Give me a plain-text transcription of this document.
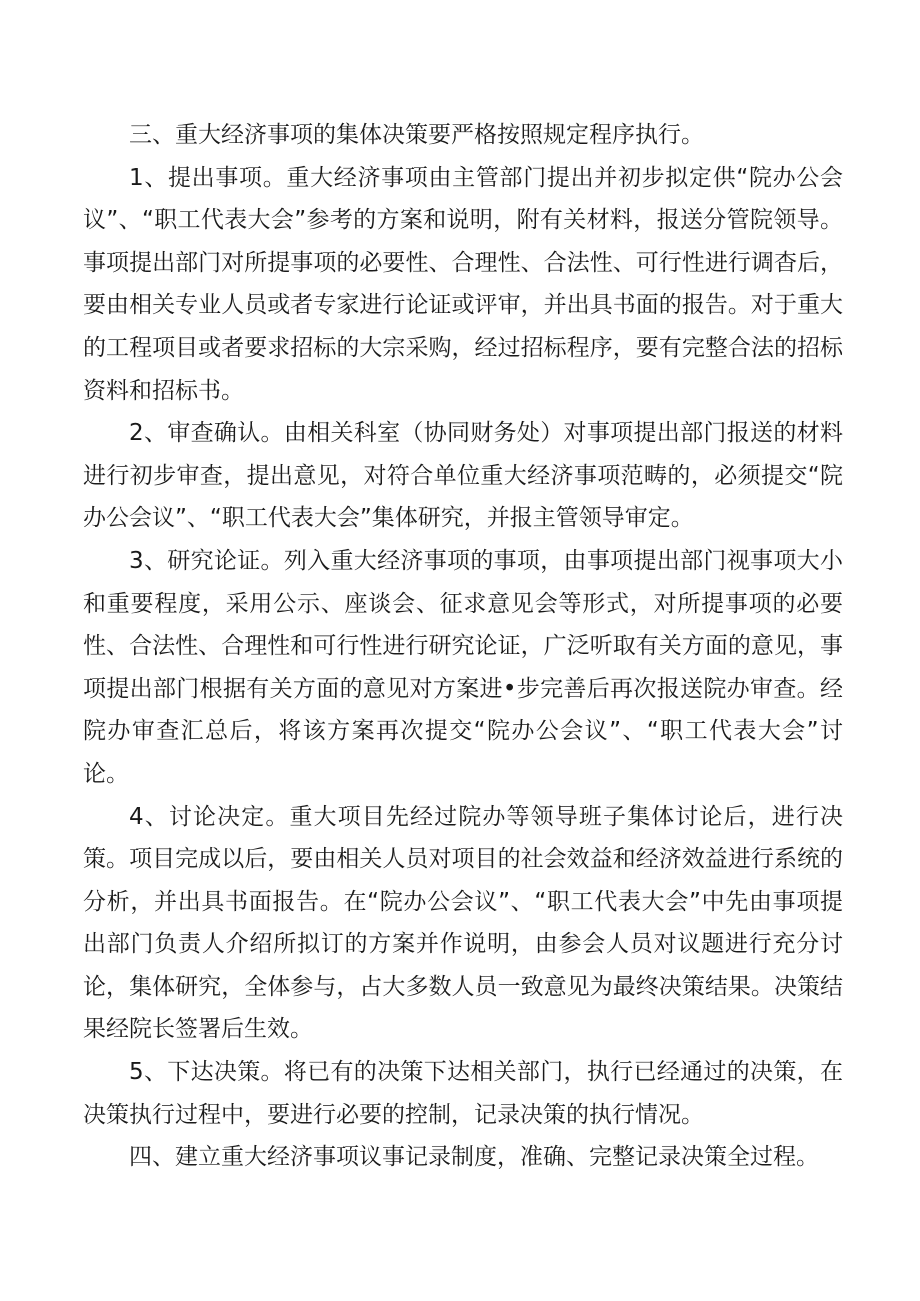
三、重大经济事项的集体决策要严格按照规定程序执行。

1、提出事项。重大经济事项由主管部门提出并初步拟定供“院办公会议”、“职工代表大会”参考的方案和说明，附有关材料，报送分管院领导。事项提出部门对所提事项的必要性、合理性、合法性、可行性进行调杳后，要由相关专业人员或者专家进行论证或评审，并出具书面的报告。对于重大的工程项目或者要求招标的大宗采购，经过招标程序，要有完整合法的招标资料和招标书。

2、审查确认。由相关科室（协同财务处）对事项提出部门报送的材料进行初步审查，提出意见，对符合单位重大经济事项范畴的，必须提交“院办公会议”、“职工代表大会”集体研究，并报主管领导审定。

3、研究论证。列入重大经济事项的事项，由事项提出部门视事项大小和重要程度，采用公示、座谈会、征求意见会等形式，对所提事项的必要性、合法性、合理性和可行性进行研究论证，广泛听取有关方面的意见，事项提出部门根据有关方面的意见对方案进•步完善后再次报送院办审查。经院办审查汇总后，将该方案再次提交“院办公会议”、“职工代表大会”讨论。

4、讨论决定。重大项目先经过院办等领导班子集体讨论后，进行决策。项目完成以后，要由相关人员对项目的社会效益和经济效益进行系统的分析，并出具书面报告。在“院办公会议”、“职工代表大会”中先由事项提出部门负责人介绍所拟订的方案并作说明，由参会人员对议题进行充分讨论，集体研究，全体参与，占大多数人员一致意见为最终决策结果。决策结果经院长签署后生效。

5、下达决策。将已有的决策下达相关部门，执行已经通过的决策，在决策执行过程中，要进行必要的控制，记录决策的执行情况。

四、建立重大经济事项议事记录制度，准确、完整记录决策全过程。
